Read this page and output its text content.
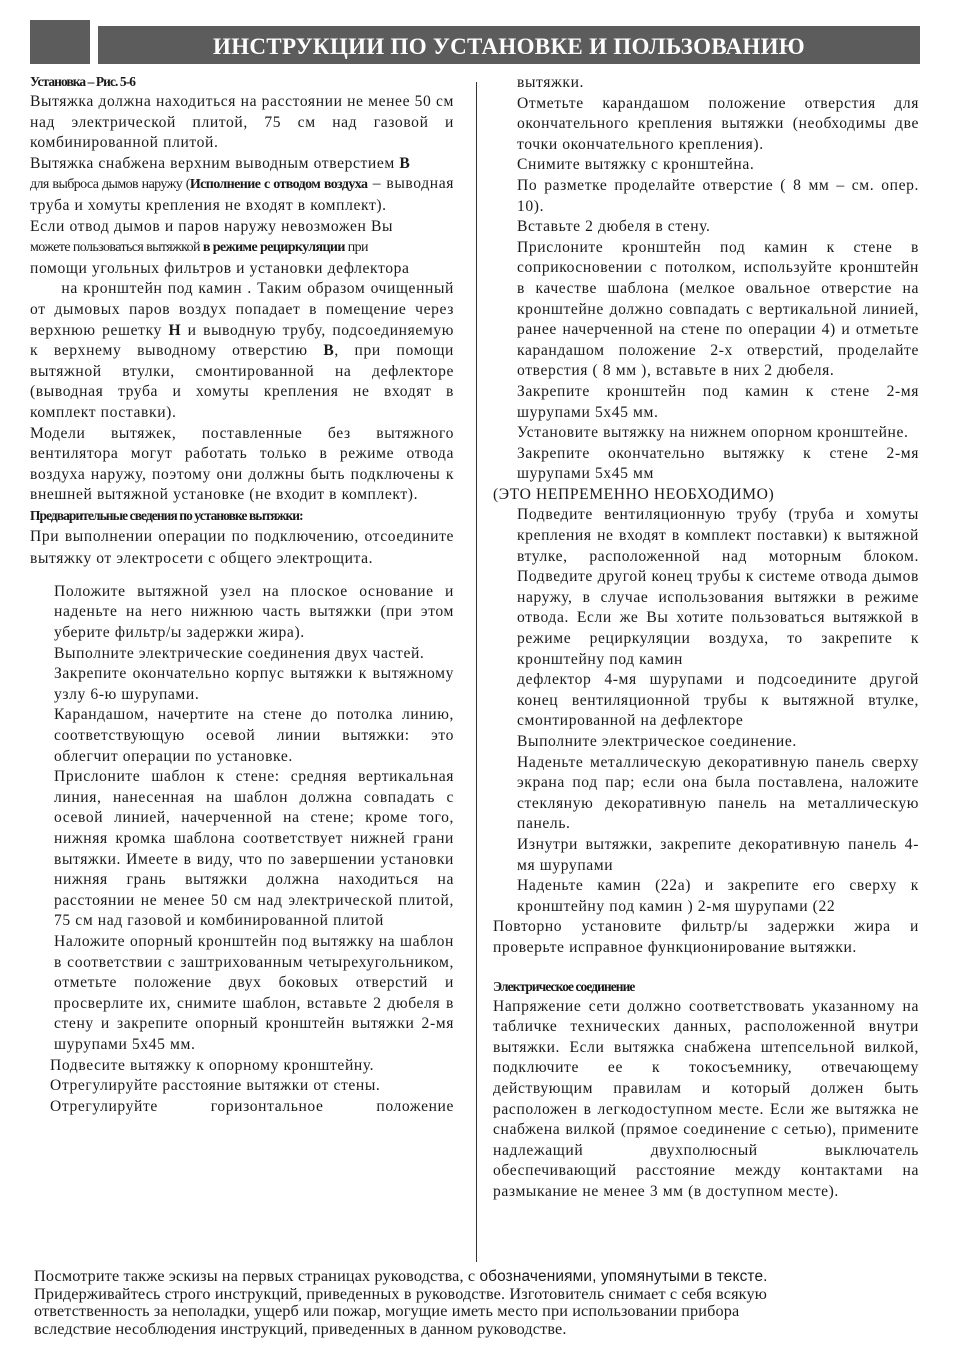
ИНСТРУКЦИИ ПО УСТАНОВКЕ И ПОЛЬЗОВАНИЮ

Установка – Рис. 5-6

Вытяжка должна находиться на расстоянии не менее 50 см над электрической плитой, 75 см над газовой и комбинированной плитой.

Вытяжка снабжена верхним выводным отверстием B
для выброса дымов наружу (Исполнение с отводом воздуха – выводная труба и хомуты крепления не входят в комплект).

Если отвод дымов и паров наружу невозможен Вы
можете пользоваться вытяжкой в режиме рециркуляции при
помощи угольных фильтров и установки дефлектора
на кронштейн под камин . Таким образом очищенный от дымовых паров воздух попадает в помещение через верхнюю решетку H и выводную трубу, подсоединяемую к верхнему выводному отверстию B, при помощи вытяжной втулки, смонтированной на дефлекторе (выводная труба и хомуты крепления не входят в комплект поставки).

Модели вытяжек, поставленные без вытяжного вентилятора могут работать только в режиме отвода воздуха наружу, поэтому они должны быть подключены к внешней вытяжной установке (не входит в комплект).

Предварительные сведения по установке вытяжки:

При выполнении операции по подключению, отсоедините вытяжку от электросети с общего электрощита.

Положите вытяжной узел на плоское основание и наденьте на него нижнюю часть вытяжки (при этом уберите фильтр/ы задержки жира).

Выполните электрические соединения двух частей.

Закрепите окончательно корпус вытяжки к вытяжному узлу 6-ю шурупами.

Карандашом, начертите на стене до потолка линию, соответствующую осевой линии вытяжки: это облегчит операции по установке.

Прислоните шаблон к стене: средняя вертикальная линия, нанесенная на шаблон должна совпадать с осевой линией, начерченной на стене; кроме того, нижняя кромка шаблона соответствует нижней грани вытяжки. Имеете в виду, что по завершении установки нижняя грань вытяжки должна находиться на расстоянии не менее 50 см над электрической плитой, 75 см над газовой и комбинированной плитой

Наложите опорный кронштейн под вытяжку на шаблон в соответствии с заштрихованным четырехугольником, отметьте положение двух боковых отверстий и просверлите их, снимите шаблон, вставьте 2 дюбеля в стену и закрепите опорный кронштейн вытяжки 2-мя шурупами 5x45 мм.

Подвесите вытяжку к опорному кронштейну.

Отрегулируйте расстояние вытяжки от стены.

Отрегулируйте горизонтальное положение

вытяжки.

Отметьте карандашом положение отверстия для окончательного крепления вытяжки (необходимы две точки окончательного крепления).

Снимите вытяжку с кронштейна.

По разметке проделайте отверстие ( 8 мм – см. опер. 10).

Вставьте 2 дюбеля в стену.

Прислоните кронштейн под камин к стене в соприкосновении с потолком, используйте кронштейн в качестве шаблона (мелкое овальное отверстие на кронштейне должно совпадать с вертикальной линией, ранее начерченной на стене по операции 4) и отметьте карандашом положение 2-х отверстий, проделайте отверстия ( 8 мм ), вставьте в них 2 дюбеля.

Закрепите кронштейн под камин к стене 2-мя шурупами 5x45 мм.

Установите вытяжку на нижнем опорном кронштейне.

Закрепите окончательно вытяжку к стене 2-мя шурупами 5x45 мм

(ЭТО НЕПРЕМЕННО НЕОБХОДИМО)

Подведите вентиляционную трубу (труба и хомуты крепления не входят в комплект поставки) к вытяжной втулке, расположенной над моторным блоком. Подведите другой конец трубы к системе отвода дымов наружу, в случае использования вытяжки в режиме отвода. Если же Вы хотите пользоваться вытяжкой в режиме рециркуляции воздуха, то закрепите к кронштейну под камин
дефлектор 4-мя шурупами и подсоедините другой конец вентиляционной трубы к вытяжной втулке, смонтированной на дефлекторе

Выполните электрическое соединение.

Наденьте металлическую декоративную панель сверху экрана под пар; если она была поставлена, наложите стекляную декоративную панель на металлическую панель.

Изнутри вытяжки, закрепите декоративную панель 4-мя шурупами

Наденьте камин (22a) и закрепите его сверху к кронштейну под камин ) 2-мя шурупами (22

Повторно установите фильтр/ы задержки жира и проверьте исправное функционирование вытяжки.

Электрическое соединение

Напряжение сети должно соответствовать указанному на табличке технических данных, расположенной внутри вытяжки. Если вытяжка снабжена штепсельной вилкой, подключите ее к токосъемнику, отвечающему действующим правилам и который должен быть расположен в легкодоступном месте. Если же вытяжка не снабжена вилкой (прямое соединение с сетью), примените надлежащий двухполюсный выключатель обеспечивающий расстояние между контактами на размыкание не менее 3 мм (в доступном месте).

Посмотрите также эскизы на первых страницах руководства, с обозначениями, упомянутыми в тексте.

Придерживайтесь строго инструкций, приведенных в руководстве. Изготовитель снимает с себя всякую

ответственность за неполадки, ущерб или пожар, могущие иметь место при использовании прибора

вследствие несоблюдения инструкций, приведенных в данном руководстве.
